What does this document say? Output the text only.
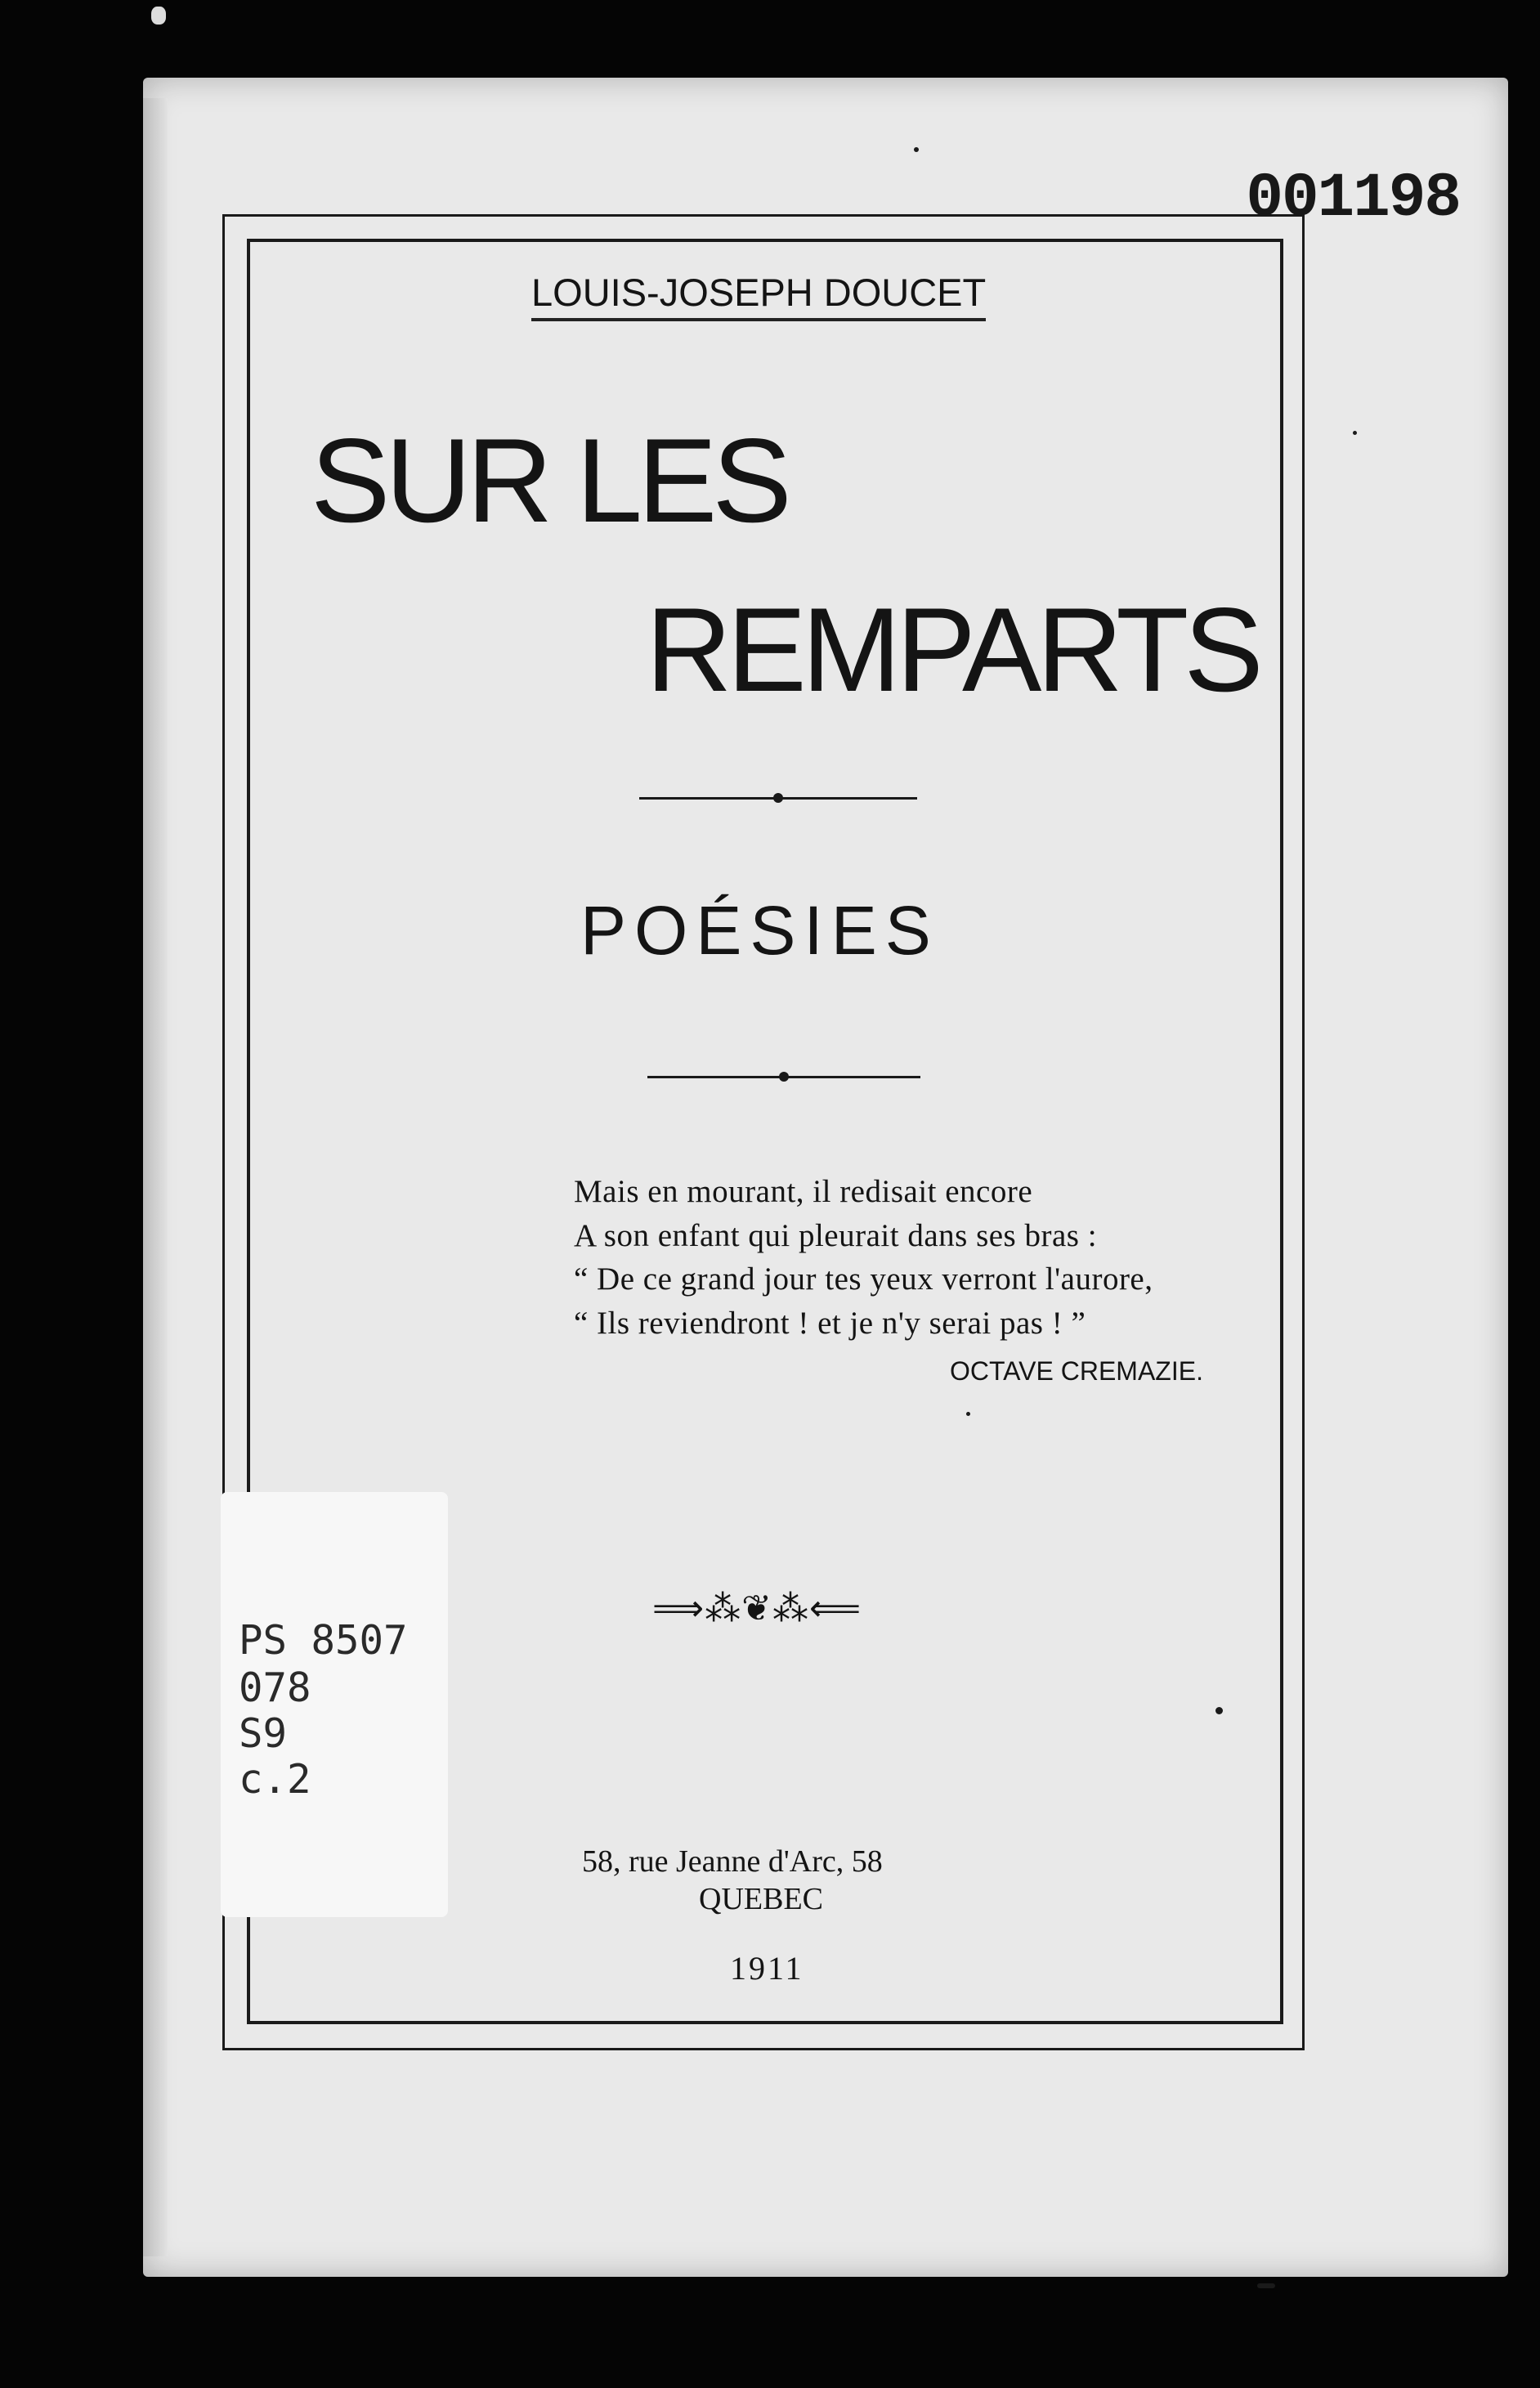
001198
LOUIS-JOSEPH DOUCET
SUR LES
REMPARTS
POÉSIES
Mais en mourant, il redisait encore
A son enfant qui pleurait dans ses bras :
“ De ce grand jour tes yeux verront l'aurore,
“ Ils reviendront ! et je n'y serai pas ! ”
OCTAVE CREMAZIE.
⟹⁂❦⁂⟸
PS 8507
078
S9
c.2
58, rue Jeanne d'Arc, 58
QUEBEC
1911
